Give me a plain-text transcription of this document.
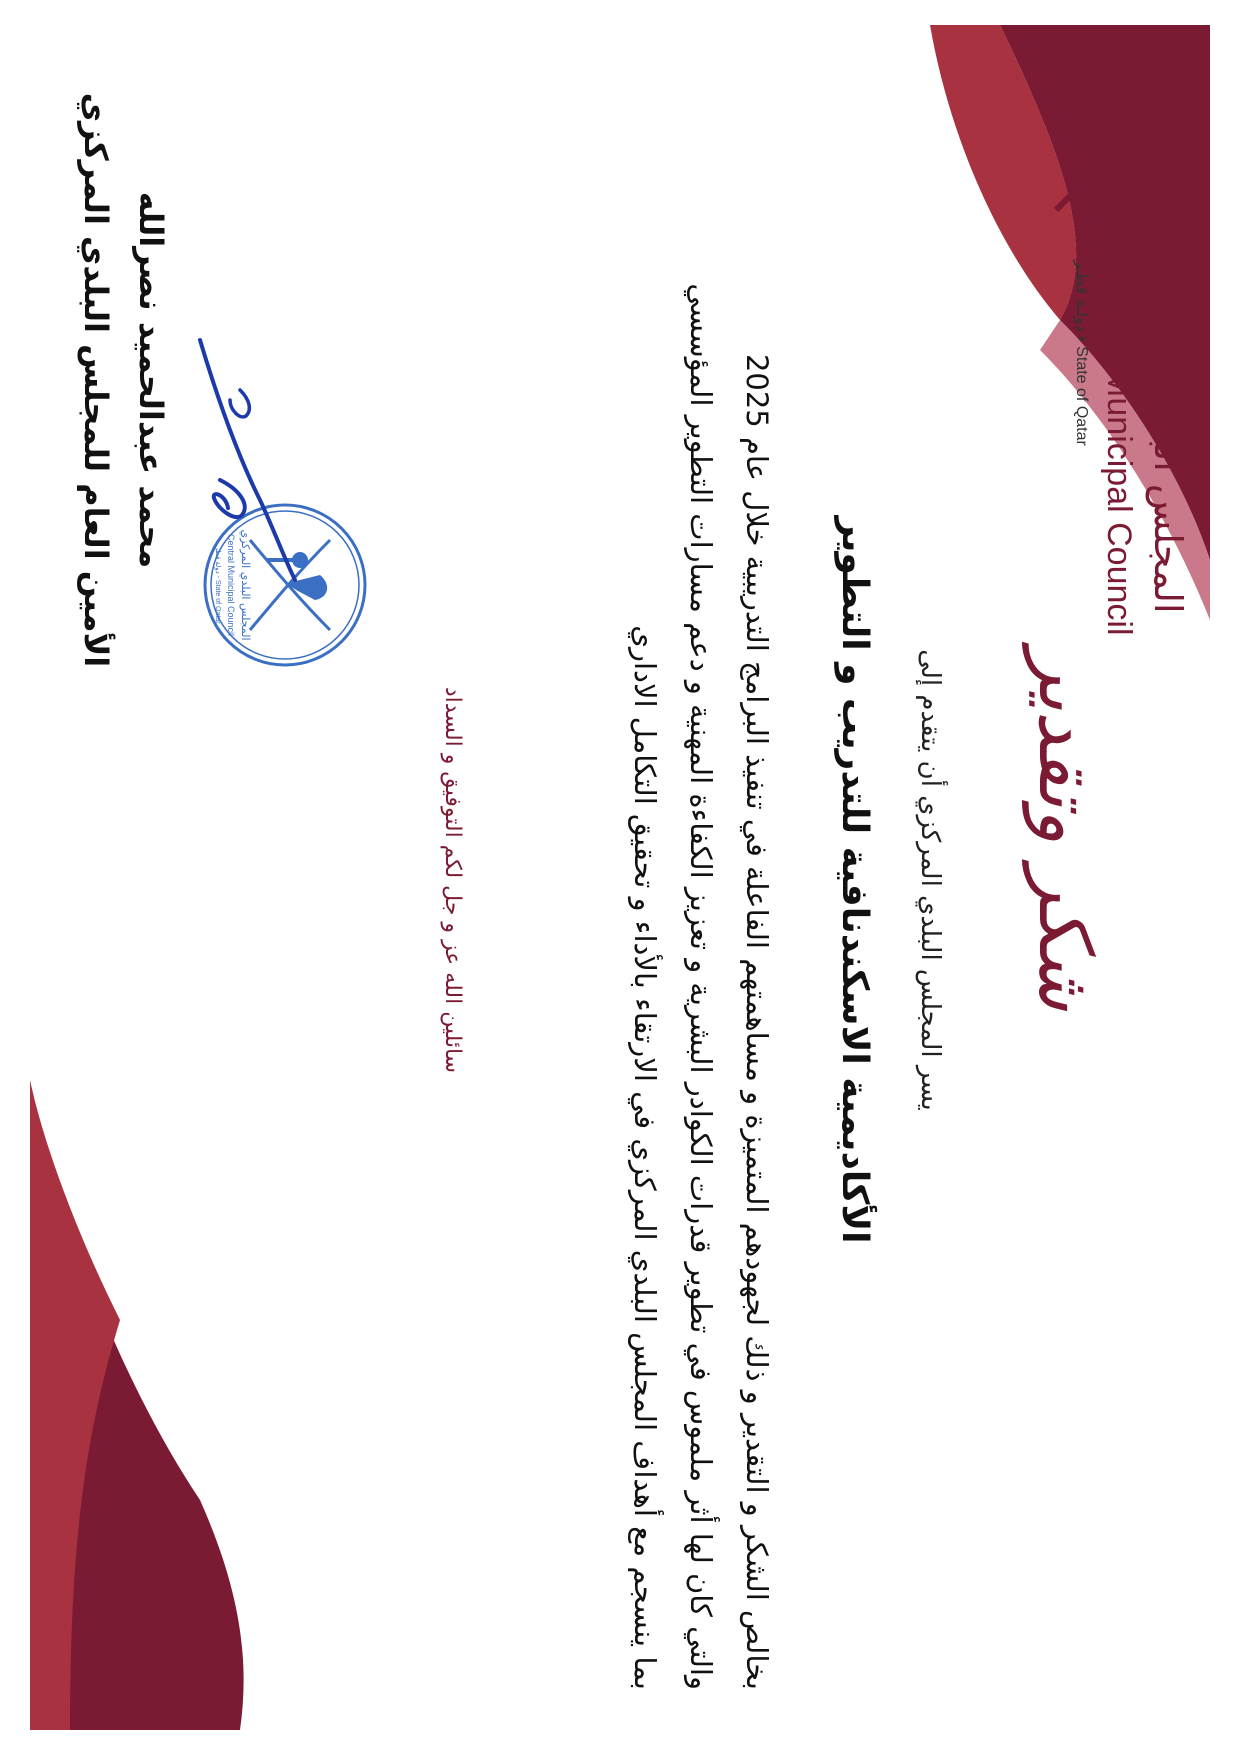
المجلس البلدي المركزي
Central Municipal Council
State of Qatar • دولـة قطـر
شكر وتقدير
يسر المجلس البلدي المركزي أن يتقدم إلى
الأكاديمية الاسكندنافية للتدريب و التطوير

بخالص الشكر و التقدير و ذلك لجهودهم المتميزة و مساهمتهم الفاعلة في تنفيذ البرامج التدريبية خلال عام 2025

والتي كان لها أثر ملموس في تطوير قدرات الكوادر البشرية و تعزيز الكفاءة المهنية و دعم مسارات التطوير المؤسسي

بما ينسجم مع أهداف المجلس البلدي المركزي في الارتقاء بالأداء و تحقيق التكامل الاداري

سائلين الله عز و جل لكم التوفيق و السداد
المجلس البلدي المركزي
Central Municipal Council
دولة قطر - State of Qatar
محمد عبدالحميد نصرالله
الأمين العام للمجلس البلدي المركزي
